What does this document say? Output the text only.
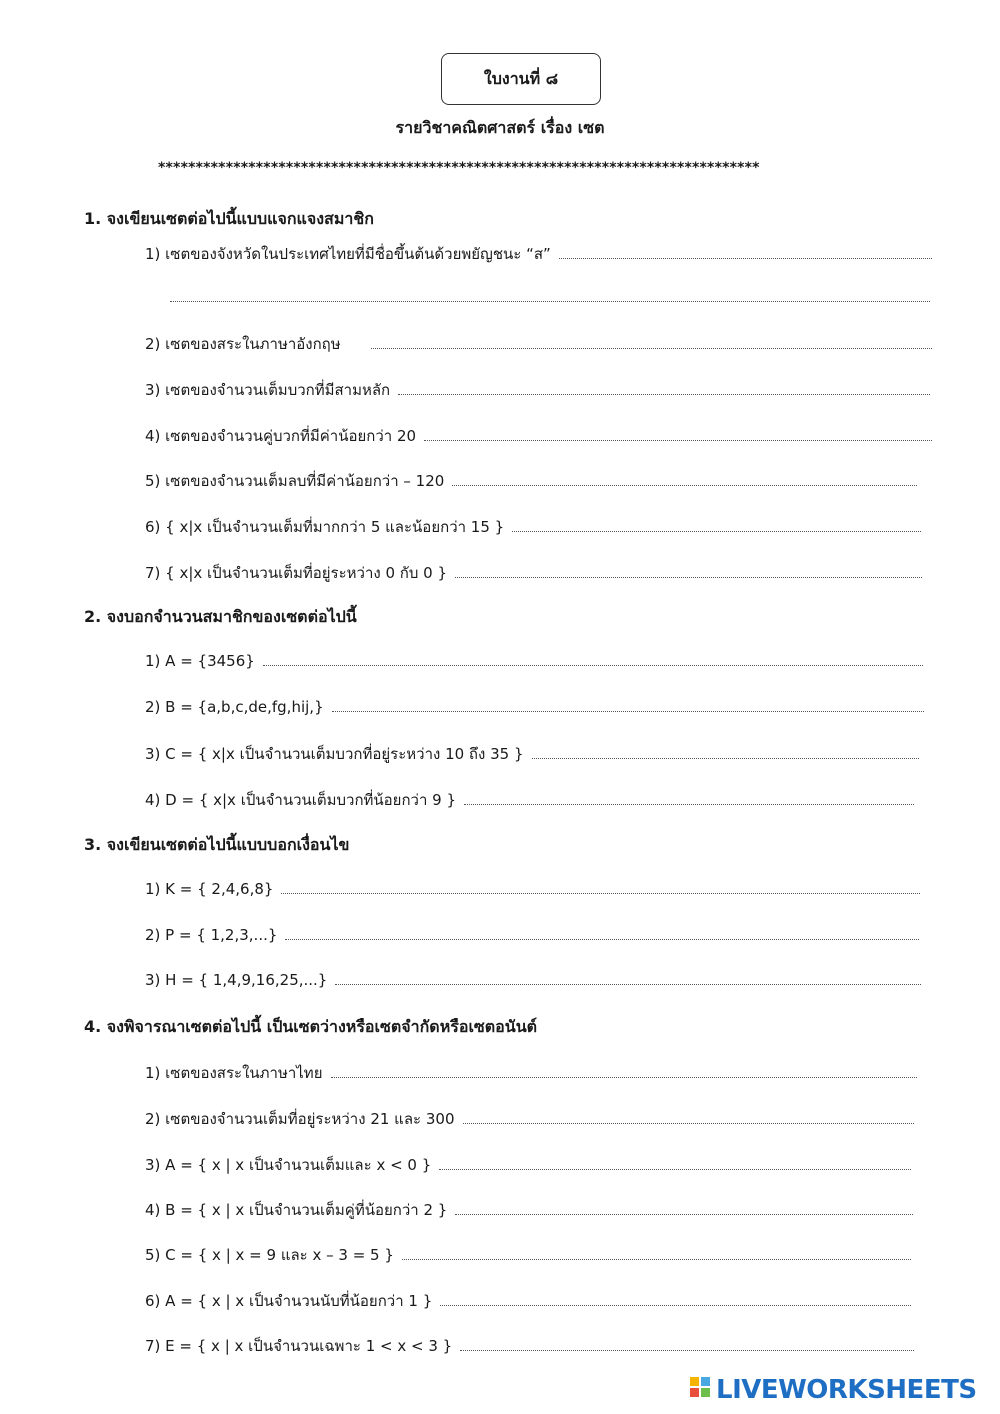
ใบงานที่ ๘
รายวิชาคณิตศาสตร์ เรื่อง เซต
********************************************************************************
1. จงเขียนเซตต่อไปนี้แบบแจกแจงสมาชิก
1) เซตของจังหวัดในประเทศไทยที่มีชื่อขึ้นต้นด้วยพยัญชนะ “ส”
2) เซตของสระในภาษาอังกฤษ
3) เซตของจำนวนเต็มบวกที่มีสามหลัก
4) เซตของจำนวนคู่บวกที่มีค่าน้อยกว่า 20
5) เซตของจำนวนเต็มลบที่มีค่าน้อยกว่า – 120
6) { x|x เป็นจำนวนเต็มที่มากกว่า 5 และน้อยกว่า 15 }
7) { x|x เป็นจำนวนเต็มที่อยู่ระหว่าง 0 กับ 0 }
2. จงบอกจำนวนสมาชิกของเซตต่อไปนี้
1) A = {3456}
2) B = {a,b,c,de,fg,hij,}
3) C = { x|x เป็นจำนวนเต็มบวกที่อยู่ระหว่าง 10 ถึง 35 }
4) D = { x|x เป็นจำนวนเต็มบวกที่น้อยกว่า 9 }
3. จงเขียนเซตต่อไปนี้แบบบอกเงื่อนไข
1) K = { 2,4,6,8}
2) P = { 1,2,3,...}
3) H = { 1,4,9,16,25,...}
4. จงพิจารณาเซตต่อไปนี้ เป็นเซตว่างหรือเซตจำกัดหรือเซตอนันต์
1) เซตของสระในภาษาไทย
2) เซตของจำนวนเต็มที่อยู่ระหว่าง 21 และ 300
3) A = { x | x เป็นจำนวนเต็มและ x < 0 }
4) B = { x | x เป็นจำนวนเต็มคู่ที่น้อยกว่า 2 }
5) C = { x | x = 9 และ x – 3 = 5 }
6) A = { x | x เป็นจำนวนนับที่น้อยกว่า 1 }
7) E = { x | x เป็นจำนวนเฉพาะ 1 < x < 3 }
LIVEWORKSHEETS
